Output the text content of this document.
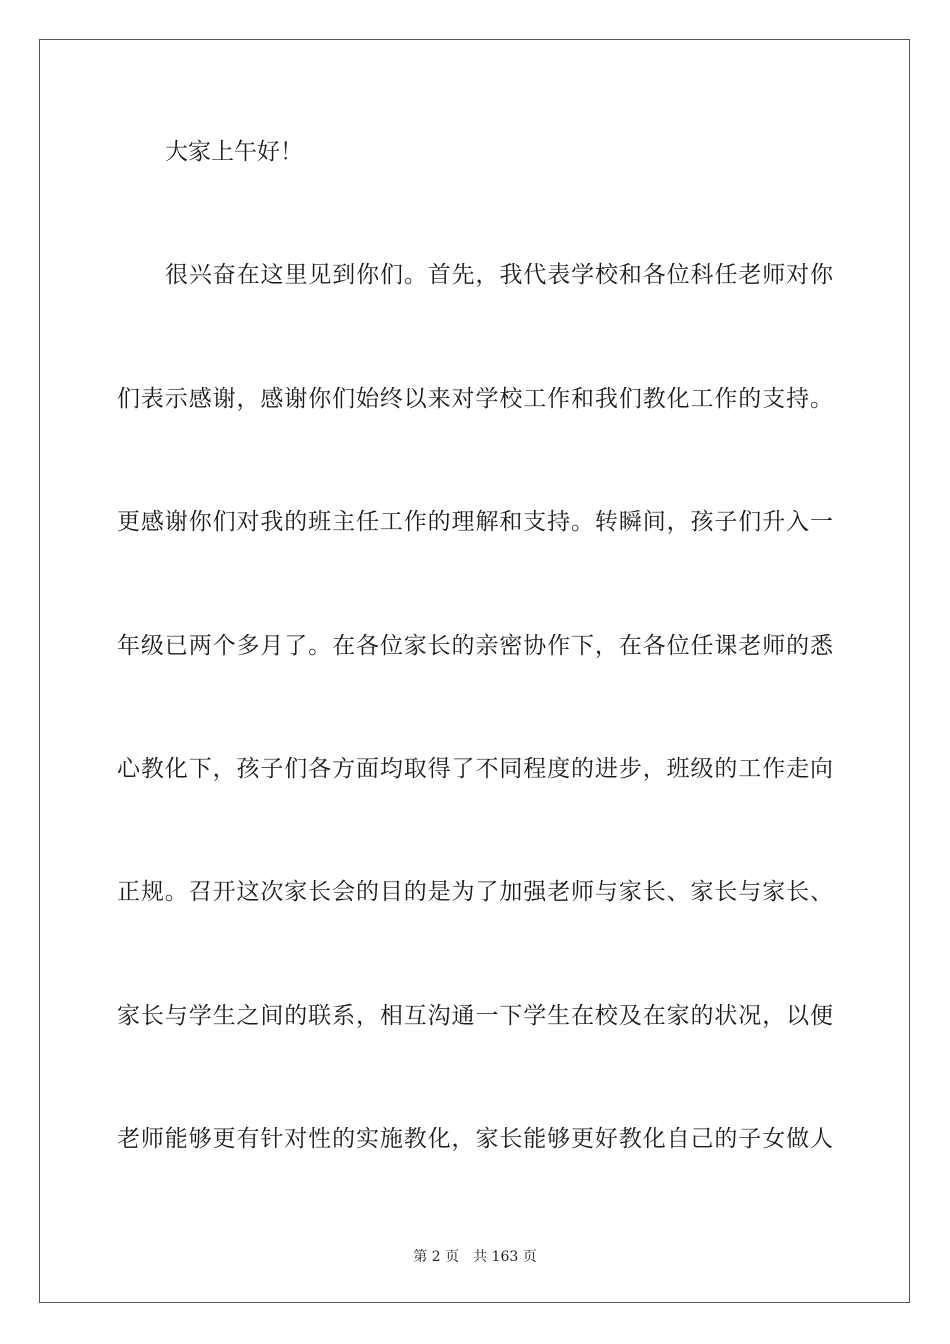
大家上午好！
很兴奋在这里见到你们。首先，我代表学校和各位科任老师对你
们表示感谢，感谢你们始终以来对学校工作和我们教化工作的支持。
更感谢你们对我的班主任工作的理解和支持。转瞬间，孩子们升入一
年级已两个多月了。在各位家长的亲密协作下，在各位任课老师的悉
心教化下，孩子们各方面均取得了不同程度的进步，班级的工作走向
正规。召开这次家长会的目的是为了加强老师与家长、家长与家长、
家长与学生之间的联系，相互沟通一下学生在校及在家的状况，以便
老师能够更有针对性的实施教化，家长能够更好教化自己的子女做人
第 2 页 共 163 页
